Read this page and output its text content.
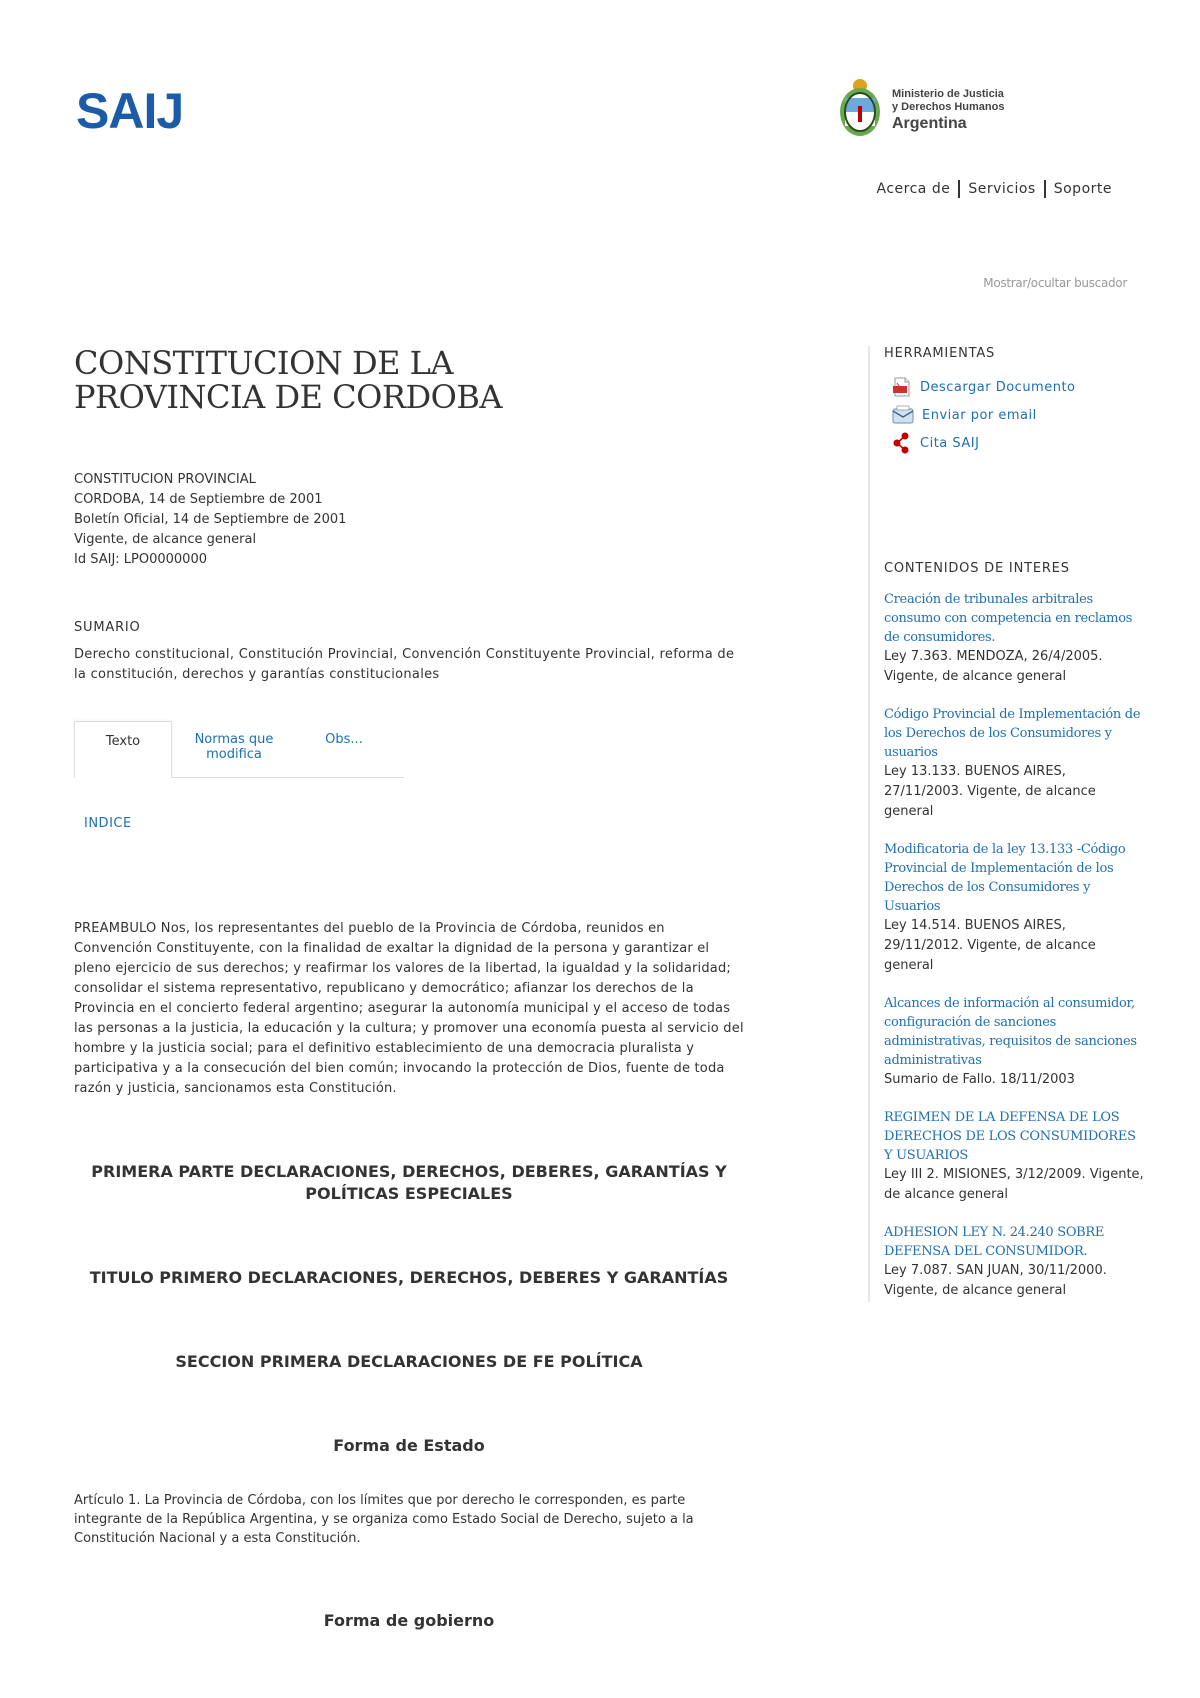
SAIJ	Ministerio de Justicia
y Derechos Humanos
Argentina
Acerca de Servicios Soporte
Mostrar/ocultar buscador
CONSTITUCION DE LA
PROVINCIA DE CORDOBA
CONSTITUCION PROVINCIAL
CORDOBA, 14 de Septiembre de 2001
Boletín Oficial, 14 de Septiembre de 2001
Vigente, de alcance general
Id SAIJ: LPO0000000
SUMARIO
Derecho constitucional, Constitución Provincial, Convención Constituyente Provincial, reforma de la constitución, derechos y garantías constitucionales
Texto	Normas que
modifica
Obs...
INDICE
PREAMBULO Nos, los representantes del pueblo de la Provincia de Córdoba, reunidos en Convención Constituyente, con la finalidad de exaltar la dignidad de la persona y garantizar el pleno ejercicio de sus derechos; y reafirmar los valores de la libertad, la igualdad y la solidaridad; consolidar el sistema representativo, republicano y democrático; afianzar los derechos de la Provincia en el concierto federal argentino; asegurar la autonomía municipal y el acceso de todas las personas a la justicia, la educación y la cultura; y promover una economía puesta al servicio del hombre y la justicia social; para el definitivo establecimiento de una democracia pluralista y participativa y a la consecución del bien común; invocando la protección de Dios, fuente de toda razón y justicia, sancionamos esta Constitución.
PRIMERA PARTE DECLARACIONES, DERECHOS, DEBERES, GARANTÍAS Y POLÍTICAS ESPECIALES
TITULO PRIMERO DECLARACIONES, DERECHOS, DEBERES Y GARANTÍAS
SECCION PRIMERA DECLARACIONES DE FE POLÍTICA
Forma de Estado
Artículo 1. La Provincia de Córdoba, con los límites que por derecho le corresponden, es parte integrante de la República Argentina, y se organiza como Estado Social de Derecho, sujeto a la Constitución Nacional y a esta Constitución.
Forma de gobierno
HERRAMIENTAS
Descargar Documento
Enviar por email
Cita SAIJ
CONTENIDOS DE INTERES
Creación de tribunales arbitrales consumo con competencia en reclamos de consumidores.
Ley 7.363. MENDOZA, 26/4/2005. Vigente, de alcance general
Código Provincial de Implementación de los Derechos de los Consumidores y usuarios
Ley 13.133. BUENOS AIRES, 27/11/2003. Vigente, de alcance general
Modificatoria de la ley 13.133 -Código Provincial de Implementación de los Derechos de los Consumidores y Usuarios
Ley 14.514. BUENOS AIRES, 29/11/2012. Vigente, de alcance general
Alcances de información al consumidor, configuración de sanciones administrativas, requisitos de sanciones administrativas
Sumario de Fallo. 18/11/2003
REGIMEN DE LA DEFENSA DE LOS DERECHOS DE LOS CONSUMIDORES Y USUARIOS
Ley III 2. MISIONES, 3/12/2009. Vigente, de alcance general
ADHESION LEY N. 24.240 SOBRE DEFENSA DEL CONSUMIDOR.
Ley 7.087. SAN JUAN, 30/11/2000. Vigente, de alcance general
